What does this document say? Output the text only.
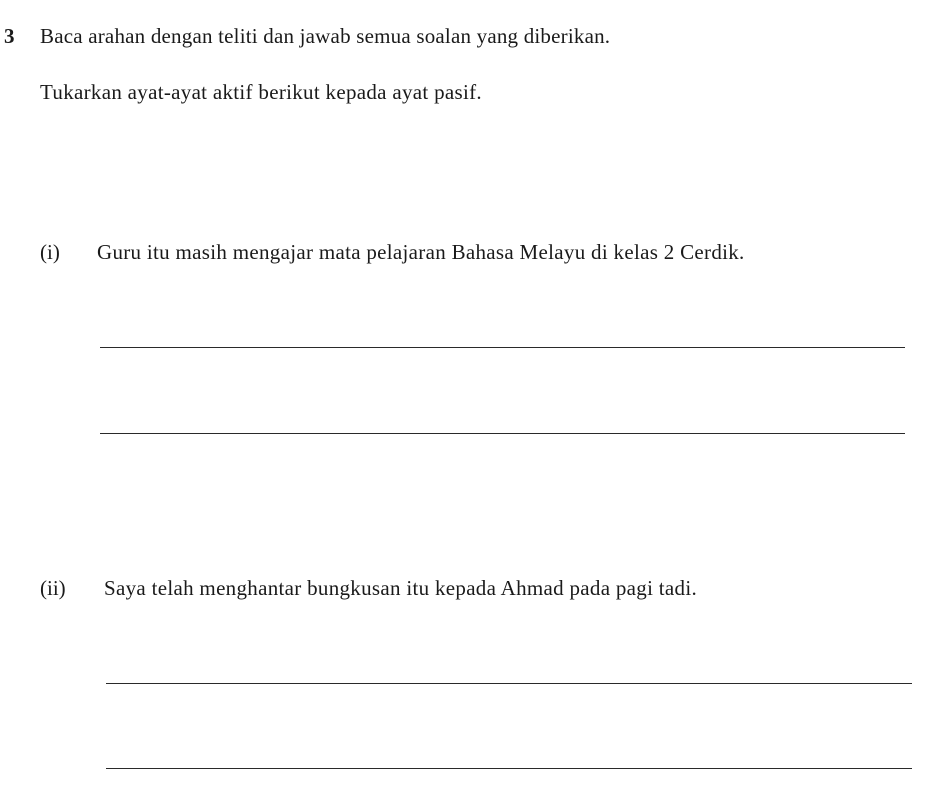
3 Baca arahan dengan teliti dan jawab semua soalan yang diberikan.
Tukarkan ayat-ayat aktif berikut kepada ayat pasif.
(i) Guru itu masih mengajar mata pelajaran Bahasa Melayu di kelas 2 Cerdik.
(ii) Saya telah menghantar bungkusan itu kepada Ahmad pada pagi tadi.
